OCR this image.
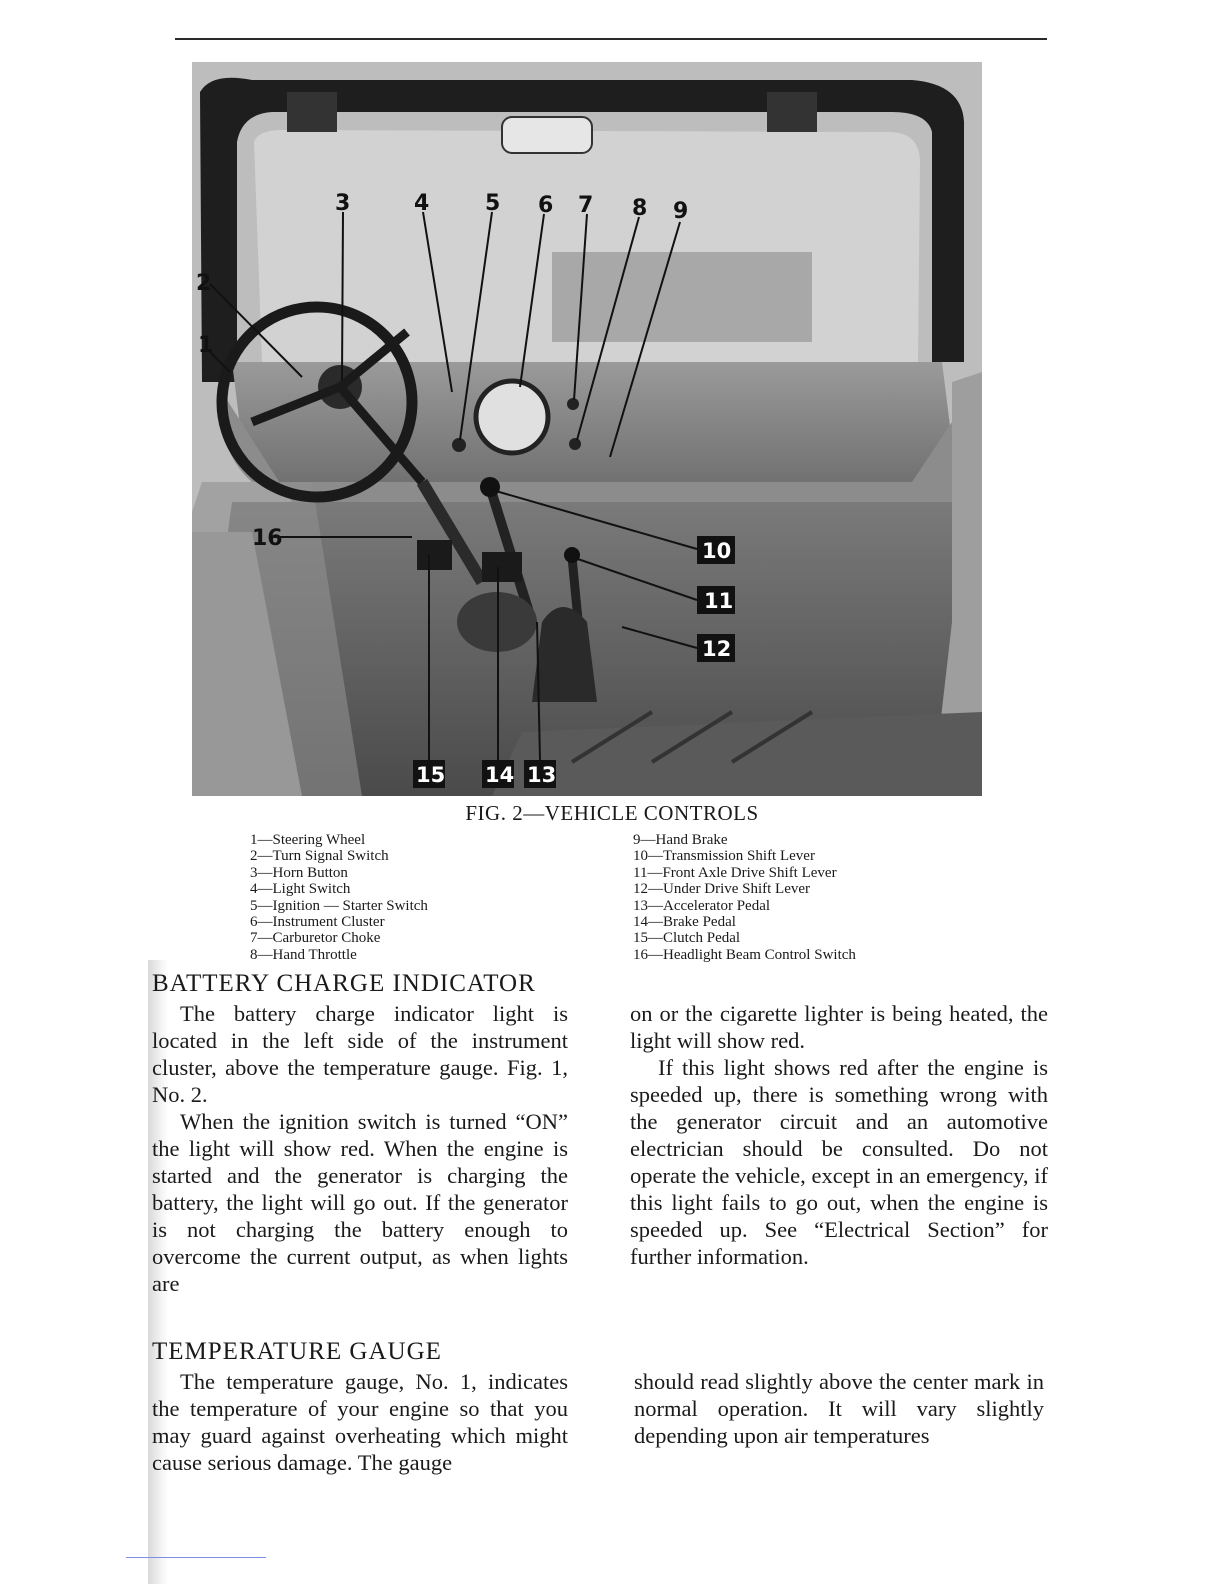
3	4	5 6 7 8 9
2
1
16	10
11
12
15 14 13
FIG. 2—VEHICLE CONTROLS
1—Steering Wheel
2—Turn Signal Switch
3—Horn Button
4—Light Switch
5—Ignition — Starter Switch
6—Instrument Cluster
7—Carburetor Choke
8—Hand Throttle
9—Hand Brake
10—Transmission Shift Lever
11—Front Axle Drive Shift Lever
12—Under Drive Shift Lever
13—Accelerator Pedal
14—Brake Pedal
15—Clutch Pedal
16—Headlight Beam Control Switch
BATTERY CHARGE INDICATOR

The battery charge indicator light is located in the left side of the instrument cluster, above the temperature gauge. Fig. 1, No. 2.

When the ignition switch is turned “ON” the light will show red. When the engine is started and the generator is charging the battery, the light will go out. If the generator is not charging the battery enough to overcome the current output, as when lights are

on or the cigarette lighter is being heated, the light will show red.

If this light shows red after the engine is speeded up, there is something wrong with the generator circuit and an automotive electrician should be consulted. Do not operate the vehicle, except in an emergency, if this light fails to go out, when the engine is speeded up. See “Electrical Section” for further information.

TEMPERATURE GAUGE

The temperature gauge, No. 1, indicates the temperature of your engine so that you may guard against overheating which might cause serious damage. The gauge

should read slightly above the center mark in normal operation. It will vary slightly depending upon air temperatures
